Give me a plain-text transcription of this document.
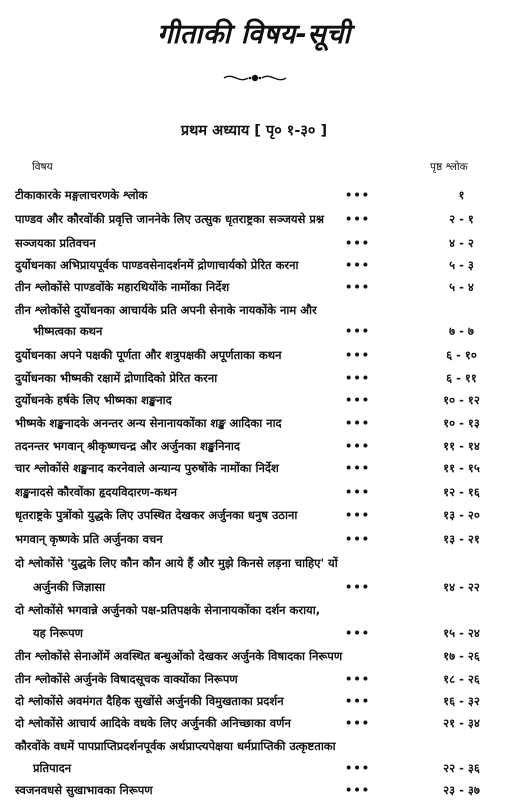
गीताकी विषय-सूची
प्रथम अध्याय [ पृ० १-३० ]
विषय	पृष्ठ श्लोक
टीकाकारके मङ्गलाचरणके श्लोक	•••	१
पाण्डव और कौरवोंकी प्रवृत्ति जाननेके लिए उत्सुक धृतराष्ट्रका सञ्जयसे प्रश्न •••	२ - १
सञ्जयका प्रतिवचन	•••	४ - २
दुर्योधनका अभिप्रायपूर्वक पाण्डवसेनादर्शनमें द्रोणाचार्यको प्रेरित करना	•••	५ - ३
तीन श्लोकोंसे पाण्डवोंके महारथियोंके नामोंका निर्देश	•••	५ - ४
तीन श्लोकोंसे दुर्योधनका आचार्यके प्रति अपनी सेनाके नायकोंके नाम और
भीष्मत्वका कथन	•••	७ - ७
दुर्योधनका अपने पक्षकी पूर्णता और शत्रुपक्षकी अपूर्णताका कथन	•••	६ - १०
दुर्योधनका भीष्मकी रक्षामें द्रोणादिको प्रेरित करना	•••	६ - ११
दुर्योधनके हर्षके लिए भीष्मका शङ्खनाद	•••	१० - १२
भीष्मके शङ्खनादके अनन्तर अन्य सेनानायकोंका शङ्ख आदिका नाद	•••	१० - १३
तदनन्तर भगवान् श्रीकृष्णचन्द्र और अर्जुनका शङ्खनिनाद	•••	११ - १४
चार श्लोकोंसे शङ्खनाद करनेवाले अन्यान्य पुरुषोंके नामोंका निर्देश	•••	११ - १५
शङ्खनादसे कौरवोंका हृदयविदारण-कथन	•••	१२ - १६
धृतराष्ट्रके पुत्रोंको युद्धके लिए उपस्थित देखकर अर्जुनका धनुष उठाना	•••	१३ - २०
भगवान् कृष्णके प्रति अर्जुनका वचन	•••	१३ - २१
दो श्लोकोंसे 'युद्धके लिए कौन कौन आये हैं और मुझे किनसे लड़ना चाहिए' यों
अर्जुनकी जिज्ञासा	•••	१४ - २२
दो श्लोकोंसे भगवान्ने अर्जुनको पक्ष-प्रतिपक्षके सेनानायकोंका दर्शन कराया,
यह निरूपण	•••	१५ - २४
तीन श्लोकोंसे सेनाओंमें अवस्थित बन्धुओंको देखकर अर्जुनके विषादका निरूपण	१७ - २६
तीन श्लोकोंसे अर्जुनके विषादसूचक वाक्योंका निरूपण	•••	१८ - २६
दो श्लोकोंसे अवमंगत दैहिक सुखोंसे अर्जुनकी विमुखताका प्रदर्शन	•••	१६ - ३२
दो श्लोकोंसे आचार्य आदिके वधके लिए अर्जुनकी अनिच्छाका वर्णन	•••	२१ - ३४
कौरवोंके वधमें पापप्राप्तिप्रदर्शनपूर्वक अर्थप्राप्त्यपेक्षया धर्मप्राप्तिकी उत्कृष्टताका
प्रतिपादन	•••	२२ - ३६
स्वजनवधसे सुखाभावका निरूपण	•••	२३ - ३७
